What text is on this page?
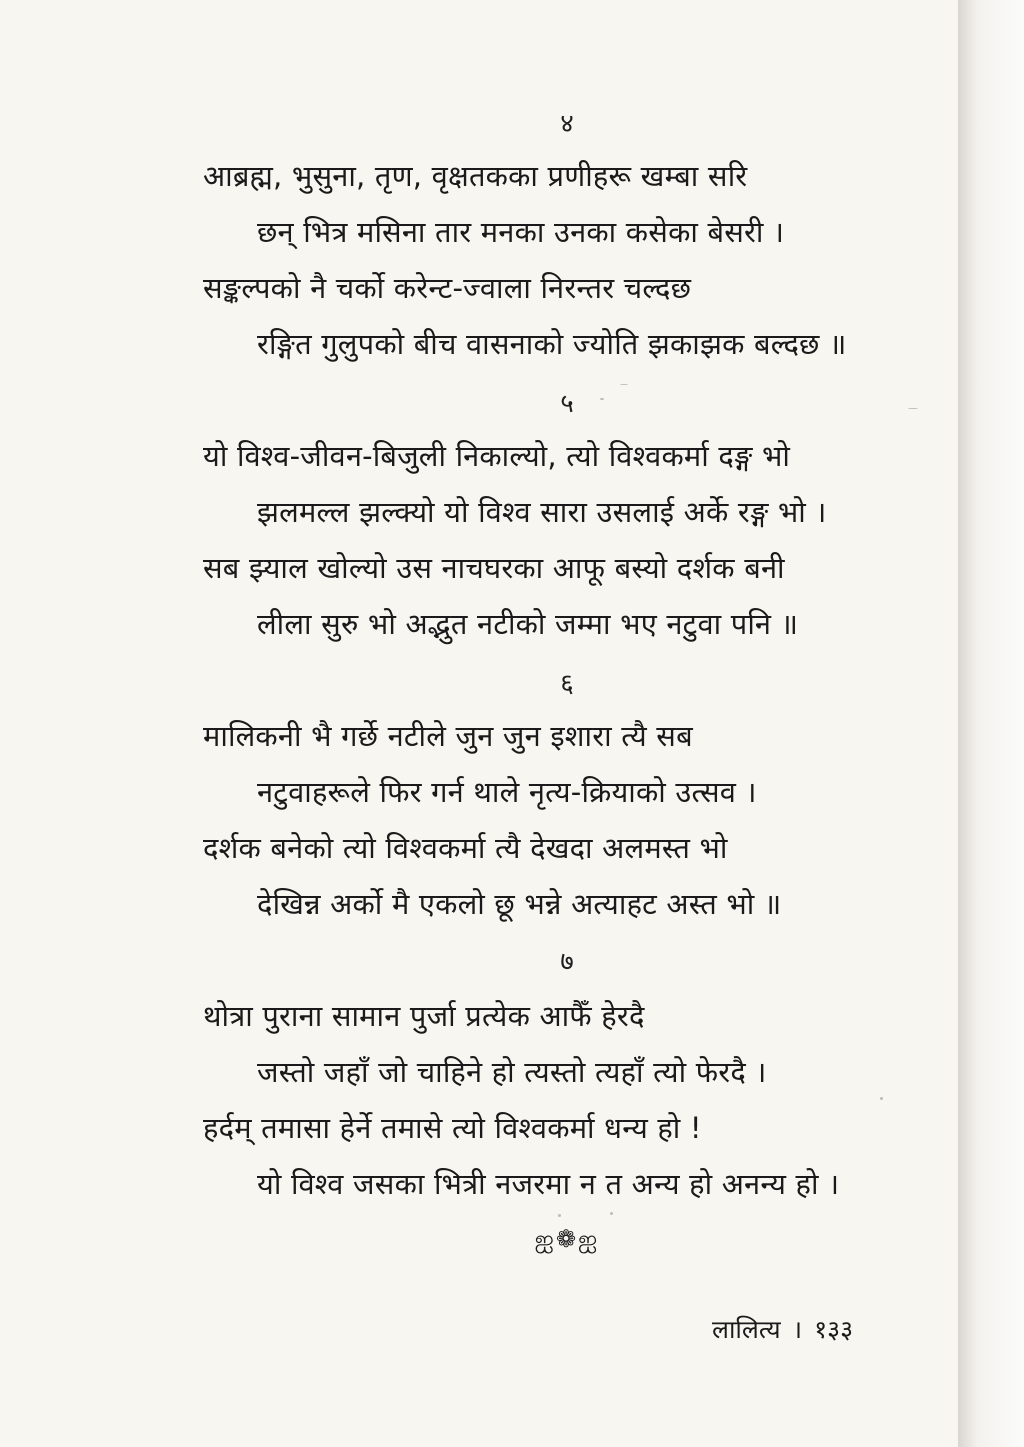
४
आब्रह्म, भुसुना, तृण, वृक्षतकका प्रणीहरू खम्बा सरि
छन् भित्र मसिना तार मनका उनका कसेका बेसरी ।
सङ्कल्पको नै चर्को करेन्ट-ज्वाला निरन्तर चल्दछ
रङ्गित गुलुपको बीच वासनाको ज्योति झकाझक बल्दछ ॥
५
यो विश्व-जीवन-बिजुली निकाल्यो, त्यो विश्वकर्मा दङ्ग भो
झलमल्ल झल्क्यो यो विश्व सारा उसलाई अर्के रङ्ग भो ।
सब झ्याल खोल्यो उस नाचघरका आफू बस्यो दर्शक बनी
लीला सुरु भो अद्भुत नटीको जम्मा भए नटुवा पनि ॥
६
मालिकनी भै गर्छे नटीले जुन जुन इशारा त्यै सब
नटुवाहरूले फिर गर्न थाले नृत्य-क्रियाको उत्सव ।
दर्शक बनेको त्यो विश्वकर्मा त्यै देखदा अलमस्त भो
देखिन्न अर्को मै एकलो छू भन्ने अत्याहट अस्त भो ॥
७
थोत्रा पुराना सामान पुर्जा प्रत्येक आफैँ हेरदै
जस्तो जहाँ जो चाहिने हो त्यस्तो त्यहाँ त्यो फेरदै ।
हर्दम् तमासा हेर्ने तमासे त्यो विश्वकर्मा धन्य हो !
यो विश्व जसका भित्री नजरमा न त अन्य हो अनन्य हो ।
ஐ❁ஐ
लालित्य । १३३
